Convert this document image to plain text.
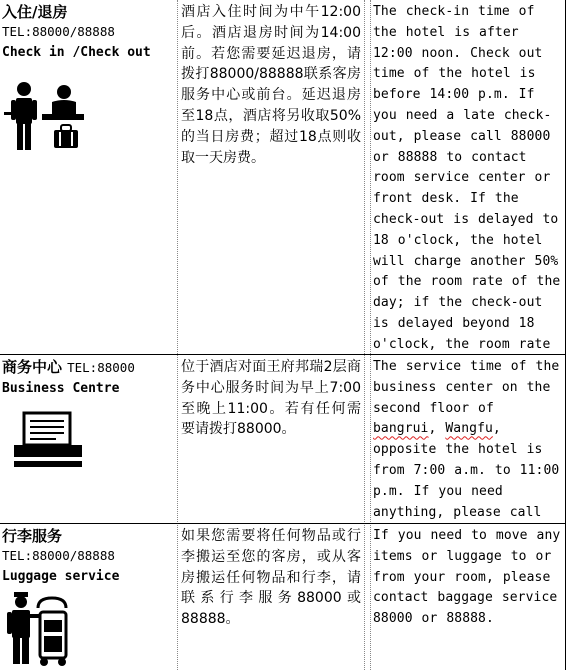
入住/退房
TEL:88000/88888
Check in /Check out
酒店入住时间为中午12:00后。酒店退房时间为14:00前。若您需要延迟退房，请拨打88000/88888联系客房服务中心或前台。延迟退房至18点，酒店将另收取50%的当日房费；超过18点则收取一天房费。
The check-in time of the hotel is after 12:00 noon. Check out time of the hotel is before 14:00 p.m. If you need a late check-out, please call 88000 or 88888 to contact room service center or front desk. If the check-out is delayed to 18 o'clock, the hotel will charge another 50% of the room rate of the day; if the check-out is delayed beyond 18 o'clock, the room rate
商务中心 TEL:88000
Business Centre
位于酒店对面王府邦瑞2层商务中心服务时间为早上7:00至晚上11:00。若有任何需要请拨打88000。
The service time of the business center on the second floor of bangrui, Wangfu, opposite the hotel is from 7:00 a.m. to 11:00 p.m. If you need anything, please call
行李服务
TEL:88000/88888
Luggage service
如果您需要将任何物品或行李搬运至您的客房，或从客房搬运任何物品和行李，请联系行李服务88000或88888。
If you need to move any items or luggage to or from your room, please contact baggage service 88000 or 88888.
